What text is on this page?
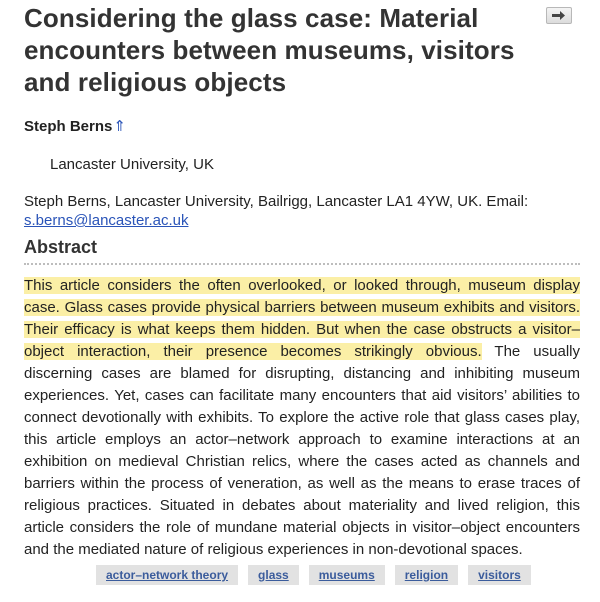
Considering the glass case: Material encounters between museums, visitors and religious objects
Steph Berns⇑
Lancaster University, UK
Steph Berns, Lancaster University, Bailrigg, Lancaster LA1 4YW, UK. Email:
s.berns@lancaster.ac.uk
Abstract

This article considers the often overlooked, or looked through, museum display case. Glass cases provide physical barriers between museum exhibits and visitors. Their efficacy is what keeps them hidden. But when the case obstructs a visitor–object interaction, their presence becomes strikingly obvious. The usually discerning cases are blamed for disrupting, distancing and inhibiting museum experiences. Yet, cases can facilitate many encounters that aid visitors’ abilities to connect devotionally with exhibits. To explore the active role that glass cases play, this article employs an actor–network approach to examine interactions at an exhibition on medieval Christian relics, where the cases acted as channels and barriers within the process of veneration, as well as the means to erase traces of religious practices. Situated in debates about materiality and lived religion, this article considers the role of mundane material objects in visitor–object encounters and the mediated nature of religious experiences in non-devotional spaces.

actor–network theory	glass	museums	religion	visitors
